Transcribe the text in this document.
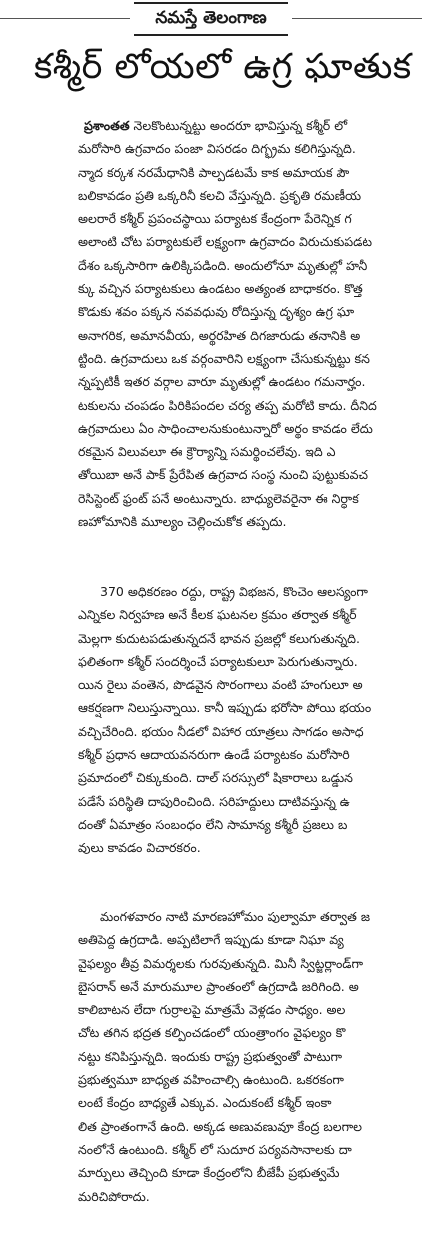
నమస్తే తెలంగాణ
కశ్మీర్ లోయలో ఉగ్ర ఘాతుక
ప్రశాంతత నెలకొంటున్నట్టు అందరూ భావిస్తున్న కశ్మీర్ లో
మరోసారి ఉగ్రవాదం పంజా విసరడం దిగ్భ్రమ కలిగిస్తున్నది.
న్మాద కర్కశ నరమేధానికి పాల్పడటమే కాక అమాయక పౌ
బలికావడం ప్రతి ఒక్కరినీ కలచి వేస్తున్నది. ప్రకృతి రమణీయ
అలరారే కశ్మీర్ ప్రపంచస్థాయి పర్యాటక కేంద్రంగా పేరెన్నిక గ
అలాంటి చోట పర్యాటకులే లక్ష్యంగా ఉగ్రవాదం విరుచుకుపడట
దేశం ఒక్కసారిగా ఉలిక్కిపడింది. అందులోనూ మృతుల్లో హనీ
క్కు వచ్చిన పర్యాటకులు ఉండటం అత్యంత బాధాకరం. కొత్త
కొడుకు శవం పక్కన నవవధువు రోదిస్తున్న దృశ్యం ఉగ్ర ఘా
అనాగరిక, అమానవీయ, అర్థరహిత దిగజారుడు తనానికి అ
ట్టింది. ఉగ్రవాదులు ఒక వర్గంవారిని లక్ష్యంగా చేసుకున్నట్టు కన
న్నప్పటికీ ఇతర వర్గాల వారూ మృతుల్లో ఉండటం గమనార్హం.
టకులను చంపడం పిరికిపందల చర్య తప్ప మరోటి కాదు. దీనిద
ఉగ్రవాదులు ఏం సాధించాలనుకుంటున్నారో అర్థం కావడం లేదు
రకమైన విలువలూ ఈ క్రౌర్యాన్ని సమర్థించలేవు. ఇది ఎ
తోయిబా అనే పాక్ ప్రేరేపిత ఉగ్రవాద సంస్థ నుంచి పుట్టుకువచ
రెసిస్టెంట్ ఫ్రంట్ పనే అంటున్నారు. బాధ్యులెవరైనా ఈ నిర్ధాక
ణహోమానికి మూల్యం చెల్లించుకోక తప్పదు.
370 అధికరణం రద్దు, రాష్ట్ర విభజన, కొంచెం ఆలస్యంగా
ఎన్నికల నిర్వహణ అనే కీలక ఘటనల క్రమం తర్వాత కశ్మీర్
మెల్లగా కుదుటపడుతున్నదనే భావన ప్రజల్లో కలుగుతున్నది.
ఫలితంగా కశ్మీర్ సందర్శించే పర్యాటకులూ పెరుగుతున్నారు.
యిన రైలు వంతెన, పొడవైన సొరంగాలు వంటి హంగులూ అ
ఆకర్షణగా నిలుస్తున్నాయి. కానీ ఇప్పుడు భరోసా పోయి భయం
వచ్చిచేరింది. భయం నీడలో విహార యాత్రలు సాగడం అసాధ
కశ్మీర్ ప్రధాన ఆదాయవనరుగా ఉండే పర్యాటకం మరోసారి
ప్రమాదంలో చిక్కుకుంది. దాల్ సరస్సులో షికారాలు ఒడ్డున
పడేసే పరిస్థితి దాపురించింది. సరిహద్దులు దాటివస్తున్న ఉ
దంతో ఏమాత్రం సంబంధం లేని సామాన్య కశ్మీరీ ప్రజలు బ
వులు కావడం విచారకరం.
మంగళవారం నాటి మారణహోమం పుల్వామా తర్వాత జ
అతిపెద్ద ఉగ్రదాడి. అప్పటిలాగే ఇప్పుడు కూడా నిఘా వ్య
వైఫల్యం తీవ్ర విమర్శలకు గురవుతున్నది. మినీ స్విట్జర్లాండ్‌గా
బైసరాన్ అనే మారుమూల ప్రాంతంలో ఉగ్రదాడి జరిగింది. అ
కాలిబాటన లేదా గుర్రాలపై మాత్రమే వెళ్లడం సాధ్యం. అల
చోట తగిన భద్రత కల్పించడంలో యంత్రాంగం వైఫల్యం కొ
నట్టు కనిపిస్తున్నది. ఇందుకు రాష్ట్ర ప్రభుత్వంతో పాటుగా
ప్రభుత్వమూ బాధ్యత వహించాల్సి ఉంటుంది. ఒకరకంగా
లంటే కేంద్రం బాధ్యతే ఎక్కువ. ఎందుకంటే కశ్మీర్ ఇంకా
లిత ప్రాంతంగానే ఉంది. అక్కడ అణువణువూ కేంద్ర బలగాల
నంలోనే ఉంటుంది. కశ్మీర్ లో సుదూర పర్యవసానాలకు దా
మార్పులు తెచ్చింది కూడా కేంద్రంలోని బీజేపీ ప్రభుత్వమే
మరిచిపోరాదు.
